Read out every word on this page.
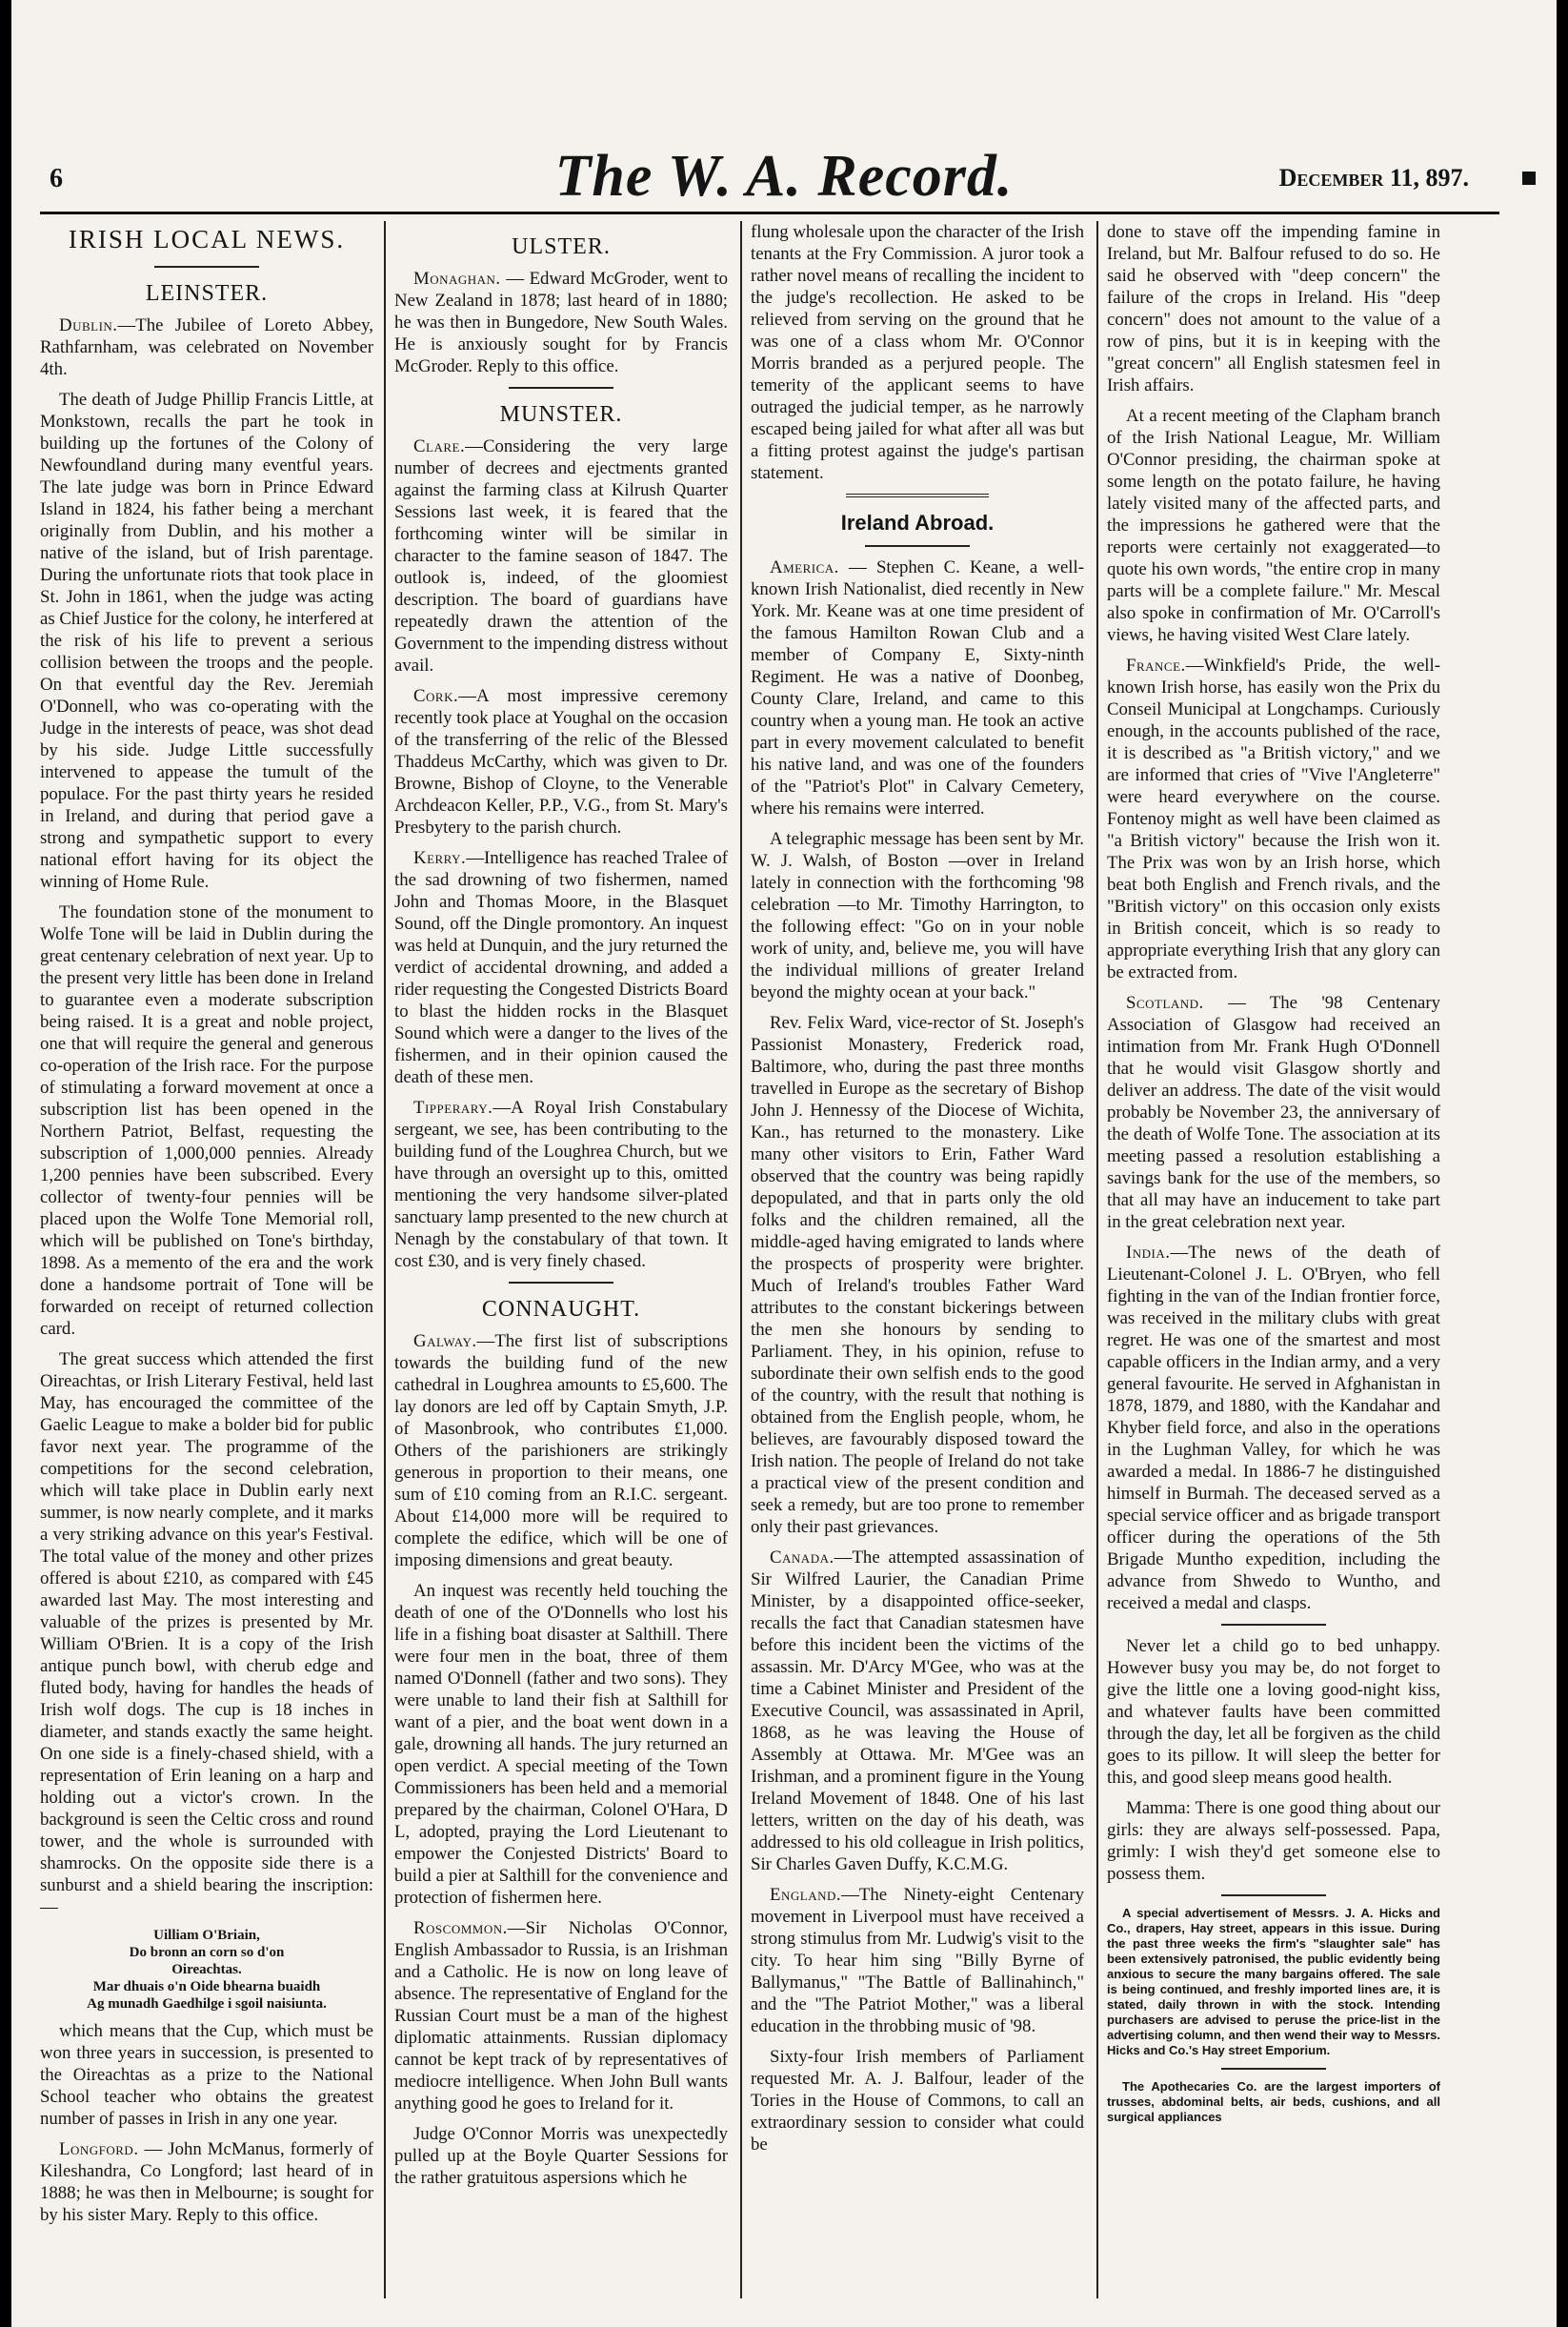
6	The W. A. Record.	December 11, 897.
IRISH LOCAL NEWS.
LEINSTER.

Dublin.—The Jubilee of Loreto Abbey, Rathfarnham, was celebrated on November 4th.

The death of Judge Phillip Francis Little, at Monkstown, recalls the part he took in building up the fortunes of the Colony of Newfoundland during many eventful years. The late judge was born in Prince Edward Island in 1824, his father being a merchant originally from Dublin, and his mother a native of the island, but of Irish parentage. During the unfortunate riots that took place in St. John in 1861, when the judge was acting as Chief Justice for the colony, he interfered at the risk of his life to prevent a serious collision between the troops and the people. On that eventful day the Rev. Jeremiah O'Donnell, who was co-operating with the Judge in the interests of peace, was shot dead by his side. Judge Little successfully intervened to appease the tumult of the populace. For the past thirty years he resided in Ireland, and during that period gave a strong and sympathetic support to every national effort having for its object the winning of Home Rule.

The foundation stone of the monument to Wolfe Tone will be laid in Dublin during the great centenary celebration of next year. Up to the present very little has been done in Ireland to guarantee even a moderate subscription being raised. It is a great and noble project, one that will require the general and generous co-operation of the Irish race. For the purpose of stimulating a forward movement at once a subscription list has been opened in the Northern Patriot, Belfast, requesting the subscription of 1,000,000 pennies. Already 1,200 pennies have been subscribed. Every collector of twenty-four pennies will be placed upon the Wolfe Tone Memorial roll, which will be published on Tone's birthday, 1898. As a memento of the era and the work done a handsome portrait of Tone will be forwarded on receipt of returned collection card.

The great success which attended the first Oireachtas, or Irish Literary Festival, held last May, has encouraged the committee of the Gaelic League to make a bolder bid for public favor next year. The programme of the competitions for the second celebration, which will take place in Dublin early next summer, is now nearly complete, and it marks a very striking advance on this year's Festival. The total value of the money and other prizes offered is about £210, as compared with £45 awarded last May. The most interesting and valuable of the prizes is presented by Mr. William O'Brien. It is a copy of the Irish antique punch bowl, with cherub edge and fluted body, having for handles the heads of Irish wolf dogs. The cup is 18 inches in diameter, and stands exactly the same height. On one side is a finely-chased shield, with a representation of Erin leaning on a harp and holding out a victor's crown. In the background is seen the Celtic cross and round tower, and the whole is surrounded with shamrocks. On the opposite side there is a sunburst and a shield bearing the inscription:—

Uilliam O'Briain,
Do bronn an corn so d'on
Oireachtas.
Mar dhuais o'n Oide bhearna buaidh
Ag munadh Gaedhilge i sgoil naisiunta.

which means that the Cup, which must be won three years in succession, is presented to the Oireachtas as a prize to the National School teacher who obtains the greatest number of passes in Irish in any one year.

Longford. — John McManus, formerly of Kileshandra, Co Longford; last heard of in 1888; he was then in Melbourne; is sought for by his sister Mary. Reply to this office.

ULSTER.

Monaghan. — Edward McGroder, went to New Zealand in 1878; last heard of in 1880; he was then in Bungedore, New South Wales. He is anxiously sought for by Francis McGroder. Reply to this office.

MUNSTER.

Clare.—Considering the very large number of decrees and ejectments granted against the farming class at Kilrush Quarter Sessions last week, it is feared that the forthcoming winter will be similar in character to the famine season of 1847. The outlook is, indeed, of the gloomiest description. The board of guardians have repeatedly drawn the attention of the Government to the impending distress without avail.

Cork.—A most impressive ceremony recently took place at Youghal on the occasion of the transferring of the relic of the Blessed Thaddeus McCarthy, which was given to Dr. Browne, Bishop of Cloyne, to the Venerable Archdeacon Keller, P.P., V.G., from St. Mary's Presbytery to the parish church.

Kerry.—Intelligence has reached Tralee of the sad drowning of two fishermen, named John and Thomas Moore, in the Blasquet Sound, off the Dingle promontory. An inquest was held at Dunquin, and the jury returned the verdict of accidental drowning, and added a rider requesting the Congested Districts Board to blast the hidden rocks in the Blasquet Sound which were a danger to the lives of the fishermen, and in their opinion caused the death of these men.

Tipperary.—A Royal Irish Constabulary sergeant, we see, has been contributing to the building fund of the Loughrea Church, but we have through an oversight up to this, omitted mentioning the very handsome silver-plated sanctuary lamp presented to the new church at Nenagh by the constabulary of that town. It cost £30, and is very finely chased.

CONNAUGHT.

Galway.—The first list of subscriptions towards the building fund of the new cathedral in Loughrea amounts to £5,600. The lay donors are led off by Captain Smyth, J.P. of Masonbrook, who contributes £1,000. Others of the parishioners are strikingly generous in proportion to their means, one sum of £10 coming from an R.I.C. sergeant. About £14,000 more will be required to complete the edifice, which will be one of imposing dimensions and great beauty.

An inquest was recently held touching the death of one of the O'Donnells who lost his life in a fishing boat disaster at Salthill. There were four men in the boat, three of them named O'Donnell (father and two sons). They were unable to land their fish at Salthill for want of a pier, and the boat went down in a gale, drowning all hands. The jury returned an open verdict. A special meeting of the Town Commissioners has been held and a memorial prepared by the chairman, Colonel O'Hara, D L, adopted, praying the Lord Lieutenant to empower the Conjested Districts' Board to build a pier at Salthill for the convenience and protection of fishermen here.

Roscommon.—Sir Nicholas O'Connor, English Ambassador to Russia, is an Irishman and a Catholic. He is now on long leave of absence. The representative of England for the Russian Court must be a man of the highest diplomatic attainments. Russian diplomacy cannot be kept track of by representatives of mediocre intelligence. When John Bull wants anything good he goes to Ireland for it.

Judge O'Connor Morris was unexpectedly pulled up at the Boyle Quarter Sessions for the rather gratuitous aspersions which he

flung wholesale upon the character of the Irish tenants at the Fry Commission. A juror took a rather novel means of recalling the incident to the judge's recollection. He asked to be relieved from serving on the ground that he was one of a class whom Mr. O'Connor Morris branded as a perjured people. The temerity of the applicant seems to have outraged the judicial temper, as he narrowly escaped being jailed for what after all was but a fitting protest against the judge's partisan statement.

Ireland Abroad.

America. — Stephen C. Keane, a well-known Irish Nationalist, died recently in New York. Mr. Keane was at one time president of the famous Hamilton Rowan Club and a member of Company E, Sixty-ninth Regiment. He was a native of Doonbeg, County Clare, Ireland, and came to this country when a young man. He took an active part in every movement calculated to benefit his native land, and was one of the founders of the "Patriot's Plot" in Calvary Cemetery, where his remains were interred.

A telegraphic message has been sent by Mr. W. J. Walsh, of Boston —over in Ireland lately in connection with the forthcoming '98 celebration —to Mr. Timothy Harrington, to the following effect: "Go on in your noble work of unity, and, believe me, you will have the individual millions of greater Ireland beyond the mighty ocean at your back."

Rev. Felix Ward, vice-rector of St. Joseph's Passionist Monastery, Frederick road, Baltimore, who, during the past three months travelled in Europe as the secretary of Bishop John J. Hennessy of the Diocese of Wichita, Kan., has returned to the monastery. Like many other visitors to Erin, Father Ward observed that the country was being rapidly depopulated, and that in parts only the old folks and the children remained, all the middle-aged having emigrated to lands where the prospects of prosperity were brighter. Much of Ireland's troubles Father Ward attributes to the constant bickerings between the men she honours by sending to Parliament. They, in his opinion, refuse to subordinate their own selfish ends to the good of the country, with the result that nothing is obtained from the English people, whom, he believes, are favourably disposed toward the Irish nation. The people of Ireland do not take a practical view of the present condition and seek a remedy, but are too prone to remember only their past grievances.

Canada.—The attempted assassination of Sir Wilfred Laurier, the Canadian Prime Minister, by a disappointed office-seeker, recalls the fact that Canadian statesmen have before this incident been the victims of the assassin. Mr. D'Arcy M'Gee, who was at the time a Cabinet Minister and President of the Executive Council, was assassinated in April, 1868, as he was leaving the House of Assembly at Ottawa. Mr. M'Gee was an Irishman, and a prominent figure in the Young Ireland Movement of 1848. One of his last letters, written on the day of his death, was addressed to his old colleague in Irish politics, Sir Charles Gaven Duffy, K.C.M.G.

England.—The Ninety-eight Centenary movement in Liverpool must have received a strong stimulus from Mr. Ludwig's visit to the city. To hear him sing "Billy Byrne of Ballymanus," "The Battle of Ballinahinch," and the "The Patriot Mother," was a liberal education in the throbbing music of '98.

Sixty-four Irish members of Parliament requested Mr. A. J. Balfour, leader of the Tories in the House of Commons, to call an extraordinary session to consider what could be

done to stave off the impending famine in Ireland, but Mr. Balfour refused to do so. He said he observed with "deep concern" the failure of the crops in Ireland. His "deep concern" does not amount to the value of a row of pins, but it is in keeping with the "great concern" all English statesmen feel in Irish affairs.

At a recent meeting of the Clapham branch of the Irish National League, Mr. William O'Connor presiding, the chairman spoke at some length on the potato failure, he having lately visited many of the affected parts, and the impressions he gathered were that the reports were certainly not exaggerated—to quote his own words, "the entire crop in many parts will be a complete failure." Mr. Mescal also spoke in confirmation of Mr. O'Carroll's views, he having visited West Clare lately.

France.—Winkfield's Pride, the well-known Irish horse, has easily won the Prix du Conseil Municipal at Longchamps. Curiously enough, in the accounts published of the race, it is described as "a British victory," and we are informed that cries of "Vive l'Angleterre" were heard everywhere on the course. Fontenoy might as well have been claimed as "a British victory" because the Irish won it. The Prix was won by an Irish horse, which beat both English and French rivals, and the "British victory" on this occasion only exists in British conceit, which is so ready to appropriate everything Irish that any glory can be extracted from.

Scotland. — The '98 Centenary Association of Glasgow had received an intimation from Mr. Frank Hugh O'Donnell that he would visit Glasgow shortly and deliver an address. The date of the visit would probably be November 23, the anniversary of the death of Wolfe Tone. The association at its meeting passed a resolution establishing a savings bank for the use of the members, so that all may have an inducement to take part in the great celebration next year.

India.—The news of the death of Lieutenant-Colonel J. L. O'Bryen, who fell fighting in the van of the Indian frontier force, was received in the military clubs with great regret. He was one of the smartest and most capable officers in the Indian army, and a very general favourite. He served in Afghanistan in 1878, 1879, and 1880, with the Kandahar and Khyber field force, and also in the operations in the Lughman Valley, for which he was awarded a medal. In 1886-7 he distinguished himself in Burmah. The deceased served as a special service officer and as brigade transport officer during the operations of the 5th Brigade Muntho expedition, including the advance from Shwedo to Wuntho, and received a medal and clasps.

Never let a child go to bed unhappy. However busy you may be, do not forget to give the little one a loving good-night kiss, and whatever faults have been committed through the day, let all be forgiven as the child goes to its pillow. It will sleep the better for this, and good sleep means good health.

Mamma: There is one good thing about our girls: they are always self-possessed. Papa, grimly: I wish they'd get someone else to possess them.

A special advertisement of Messrs. J. A. Hicks and Co., drapers, Hay street, appears in this issue. During the past three weeks the firm's "slaughter sale" has been extensively patronised, the public evidently being anxious to secure the many bargains offered. The sale is being continued, and freshly imported lines are, it is stated, daily thrown in with the stock. Intending purchasers are advised to peruse the price-list in the advertising column, and then wend their way to Messrs. Hicks and Co.'s Hay street Emporium.

The Apothecaries Co. are the largest importers of trusses, abdominal belts, air beds, cushions, and all surgical appliances
